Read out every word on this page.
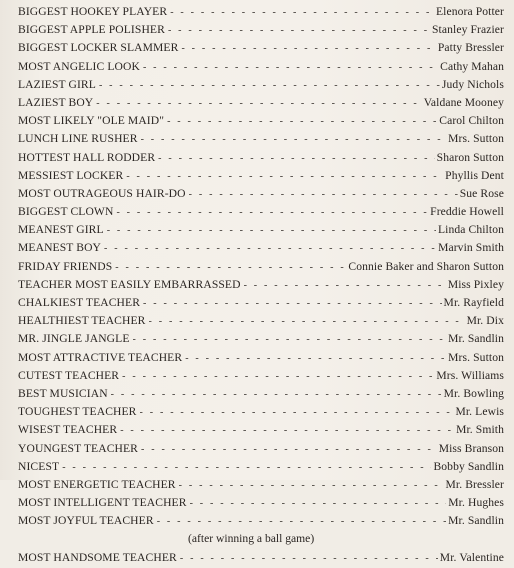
BIGGEST HOOKEY PLAYER - - -	Elenora Potter
BIGGEST APPLE POLISHER - - -	Stanley Frazier
BIGGEST LOCKER SLAMMER - - -	Patty Bressler
MOST ANGELIC LOOK - - -	Cathy Mahan
LAZIEST GIRL - - -	Judy Nichols
LAZIEST BOY - - -	Valdane Mooney
MOST LIKELY "OLE MAID" - - -	Carol Chilton
LUNCH LINE RUSHER - - -	Mrs. Sutton
HOTTEST HALL RODDER - - -	Sharon Sutton
MESSIEST LOCKER - - -	Phyllis Dent
MOST OUTRAGEOUS HAIR-DO - - -	Sue Rose
BIGGEST CLOWN - - -	Freddie Howell
MEANEST GIRL - - -	Linda Chilton
MEANEST BOY - - -	Marvin Smith
FRIDAY FRIENDS - - -	Connie Baker and Sharon Sutton
TEACHER MOST EASILY EMBARRASSED - - -	Miss Pixley
CHALKIEST TEACHER - - -	Mr. Rayfield
HEALTHIEST TEACHER - - -	Mr. Dix
MR. JINGLE JANGLE - - -	Mr. Sandlin
MOST ATTRACTIVE TEACHER - - -	Mrs. Sutton
CUTEST TEACHER - - -	Mrs. Williams
BEST MUSICIAN - - -	Mr. Bowling
TOUGHEST TEACHER - - -	Mr. Lewis
WISEST TEACHER - - -	Mr. Smith
YOUNGEST TEACHER - - -	Miss Branson
NICEST - - -	Bobby Sandlin
MOST ENERGETIC TEACHER - - -	Mr. Bressler
MOST INTELLIGENT TEACHER - - -	Mr. Hughes
MOST JOYFUL TEACHER - - -	Mr. Sandlin
(after winning a ball game)
MOST HANDSOME TEACHER - - -	Mr. Valentine
